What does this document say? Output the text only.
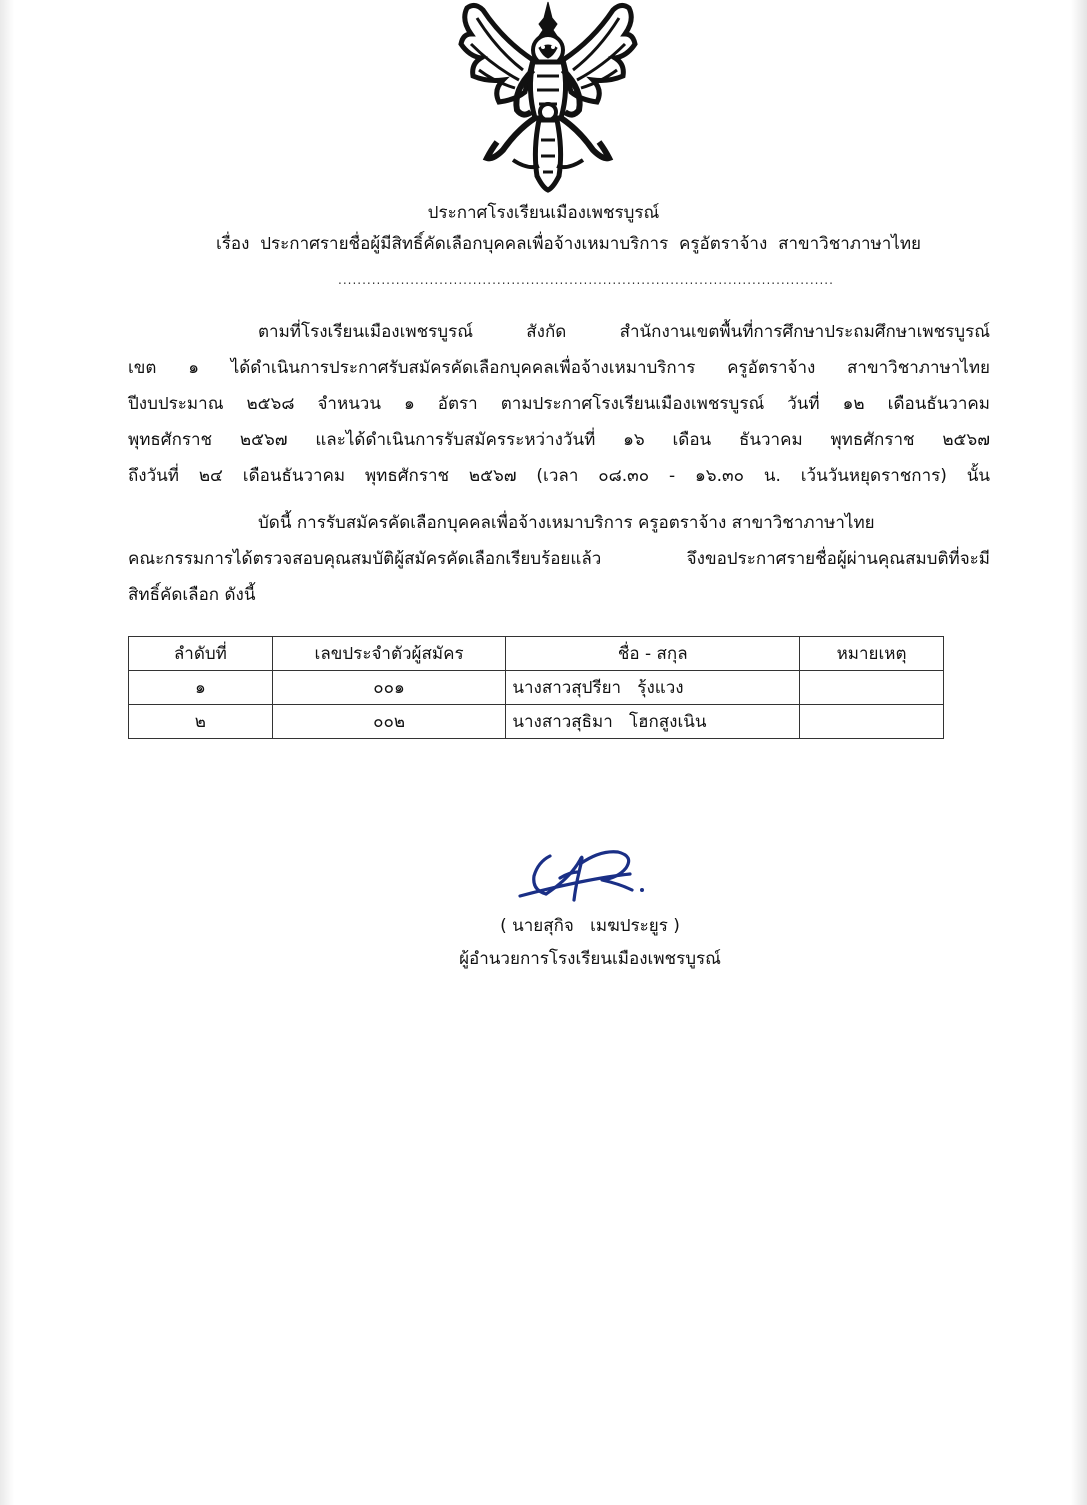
ประกาศโรงเรียนเมืองเพชรบูรณ์
เรื่อง  ประกาศรายชื่อผู้มีสิทธิ์คัดเลือกบุคคลเพื่อจ้างเหมาบริการ  ครูอัตราจ้าง  สาขาวิชาภาษาไทย
.......................................................................................................
ตามที่โรงเรียนเมืองเพชรบูรณ์ สังกัด สำนักงานเขตพื้นที่การศึกษาประถมศึกษาเพชรบูรณ์
เขต ๑ ได้ดำเนินการประกาศรับสมัครคัดเลือกบุคคลเพื่อจ้างเหมาบริการ ครูอัตราจ้าง สาขาวิชาภาษาไทย
ปีงบประมาณ ๒๕๖๘ จำหนวน ๑ อัตรา ตามประกาศโรงเรียนเมืองเพชรบูรณ์ วันที่ ๑๒ เดือนธันวาคม
พุทธศักราช ๒๕๖๗ และได้ดำเนินการรับสมัครระหว่างวันที่ ๑๖ เดือน ธันวาคม พุทธศักราช ๒๕๖๗
ถึงวันที่ ๒๔ เดือนธันวาคม พุทธศักราช ๒๕๖๗ (เวลา ๐๘.๓๐ - ๑๖.๓๐ น. เว้นวันหยุดราชการ) นั้น
บัดนี้ การรับสมัครคัดเลือกบุคคลเพื่อจ้างเหมาบริการ ครูอตราจ้าง สาขาวิชาภาษาไทย
คณะกรรมการได้ตรวจสอบคุณสมบัติผู้สมัครคัดเลือกเรียบร้อยแล้ว จึงขอประกาศรายชื่อผู้ผ่านคุณสมบติที่จะมี
สิทธิ์คัดเลือก ดังนี้
ลำดับที่	เลขประจำตัวผู้สมัคร	ชื่อ - สกุล	หมายเหตุ
๑	๐๐๑	นางสาวสุปรียา   รุ้งแวง	
๒	๐๐๒	นางสาวสุธิมา   โฮกสูงเนิน	
( นายสุกิจ   เมฆประยูร )
ผู้อำนวยการโรงเรียนเมืองเพชรบูรณ์
